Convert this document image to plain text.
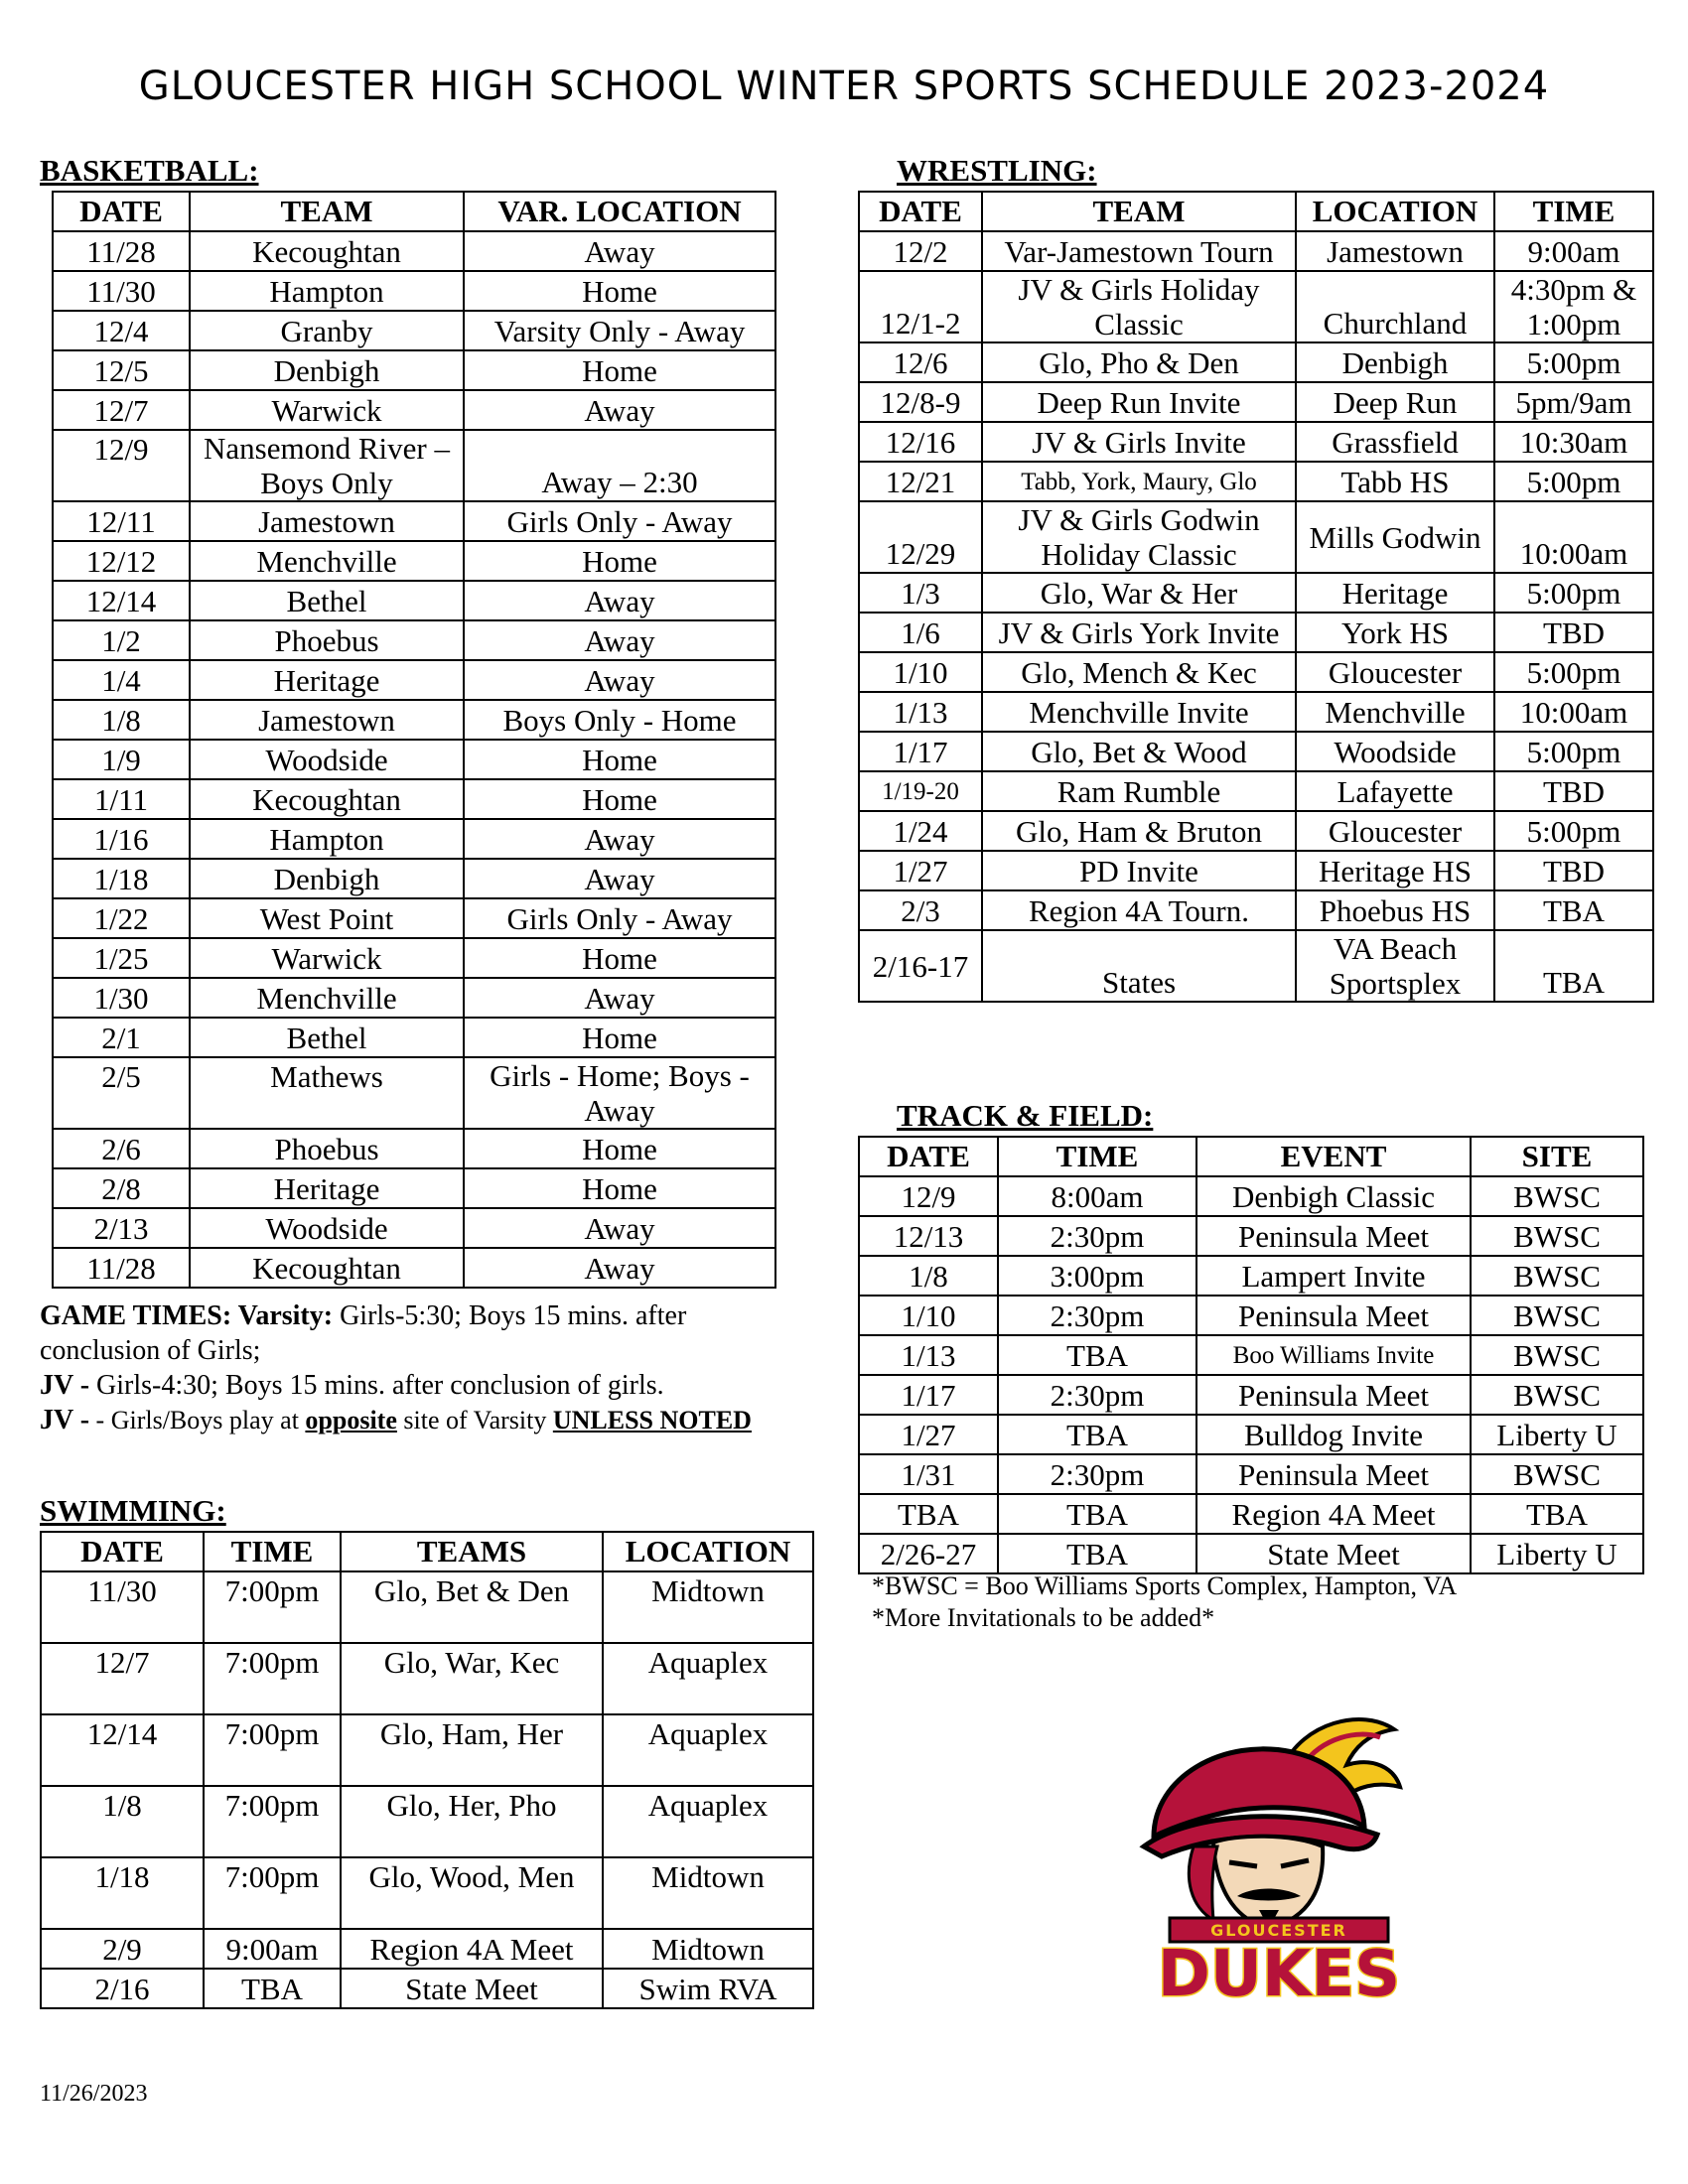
GLOUCESTER HIGH SCHOOL WINTER SPORTS SCHEDULE 2023-2024
BASKETBALL:
DATE	TEAM	VAR. LOCATION
11/28	Kecoughtan	Away
11/30	Hampton	Home
12/4	Granby	Varsity Only - Away
12/5	Denbigh	Home
12/7	Warwick	Away
12/9	Nansemond River – Boys Only	Away – 2:30
12/11	Jamestown	Girls Only - Away
12/12	Menchville	Home
12/14	Bethel	Away
1/2	Phoebus	Away
1/4	Heritage	Away
1/8	Jamestown	Boys Only - Home
1/9	Woodside	Home
1/11	Kecoughtan	Home
1/16	Hampton	Away
1/18	Denbigh	Away
1/22	West Point	Girls Only - Away
1/25	Warwick	Home
1/30	Menchville	Away
2/1	Bethel	Home
2/5	Mathews	Girls - Home; Boys - Away
2/6	Phoebus	Home
2/8	Heritage	Home
2/13	Woodside	Away
11/28	Kecoughtan	Away
GAME TIMES: Varsity: Girls-5:30; Boys 15 mins. after conclusion of Girls;
JV - Girls-4:30; Boys 15 mins. after conclusion of girls.
JV - - Girls/Boys play at opposite site of Varsity UNLESS NOTED
WRESTLING:
DATE	TEAM	LOCATION	TIME
12/2	Var-Jamestown Tourn	Jamestown	9:00am
12/1-2	JV & Girls Holiday Classic	Churchland	4:30pm & 1:00pm
12/6	Glo, Pho & Den	Denbigh	5:00pm
12/8-9	Deep Run Invite	Deep Run	5pm/9am
12/16	JV & Girls Invite	Grassfield	10:30am
12/21	Tabb, York, Maury, Glo	Tabb HS	5:00pm
12/29	JV & Girls Godwin Holiday Classic	Mills Godwin	10:00am
1/3	Glo, War & Her	Heritage	5:00pm
1/6	JV & Girls York Invite	York HS	TBD
1/10	Glo, Mench & Kec	Gloucester	5:00pm
1/13	Menchville Invite	Menchville	10:00am
1/17	Glo, Bet & Wood	Woodside	5:00pm
1/19-20	Ram Rumble	Lafayette	TBD
1/24	Glo, Ham & Bruton	Gloucester	5:00pm
1/27	PD Invite	Heritage HS	TBD
2/3	Region 4A Tourn.	Phoebus HS	TBA
2/16-17	States	VA Beach Sportsplex	TBA
TRACK & FIELD:
DATE	TIME	EVENT	SITE
12/9	8:00am	Denbigh Classic	BWSC
12/13	2:30pm	Peninsula Meet	BWSC
1/8	3:00pm	Lampert Invite	BWSC
1/10	2:30pm	Peninsula Meet	BWSC
1/13	TBA	Boo Williams Invite	BWSC
1/17	2:30pm	Peninsula Meet	BWSC
1/27	TBA	Bulldog Invite	Liberty U
1/31	2:30pm	Peninsula Meet	BWSC
TBA	TBA	Region 4A Meet	TBA
2/26-27	TBA	State Meet	Liberty U
*BWSC = Boo Williams Sports Complex, Hampton, VA
*More Invitationals to be added*
SWIMMING:
DATE	TIME	TEAMS	LOCATION
11/30	7:00pm	Glo, Bet & Den	Midtown
12/7	7:00pm	Glo, War, Kec	Aquaplex
12/14	7:00pm	Glo, Ham, Her	Aquaplex
1/8	7:00pm	Glo, Her, Pho	Aquaplex
1/18	7:00pm	Glo, Wood, Men	Midtown
2/9	9:00am	Region 4A Meet	Midtown
2/16	TBA	State Meet	Swim RVA
GLOUCESTER
DUKES
11/26/2023
